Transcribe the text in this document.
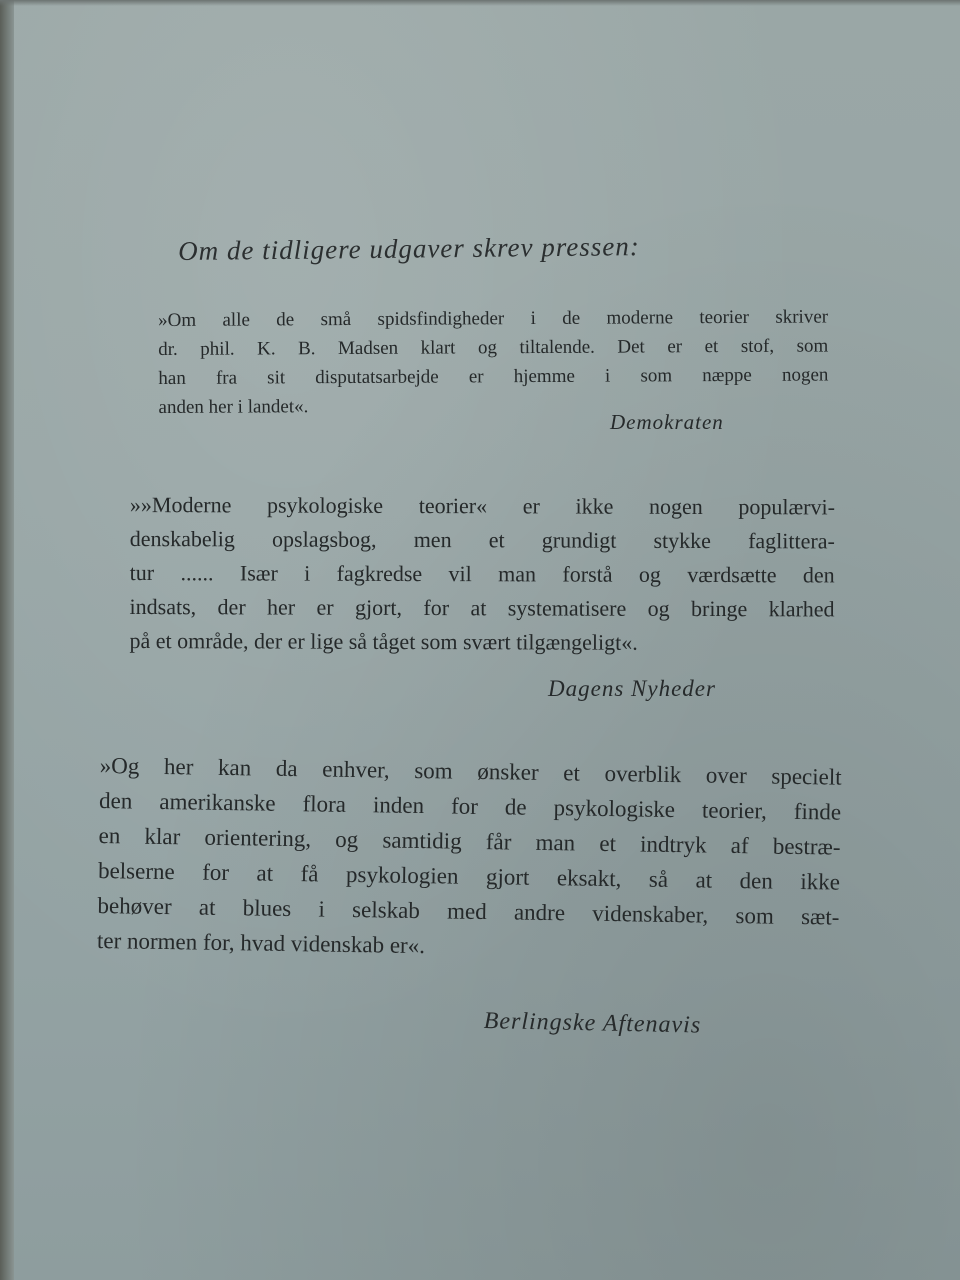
Om de tidligere udgaver skrev pressen:
»Om alle de små spidsfindigheder i de moderne teorier skriver
dr. phil. K. B. Madsen klart og tiltalende. Det er et stof, som
han fra sit disputatsarbejde er hjemme i som næppe nogen
anden her i landet«.
Demokraten
»»Moderne psykologiske teorier« er ikke nogen populærvi-
denskabelig opslagsbog, men et grundigt stykke faglittera-
tur ...... Især i fagkredse vil man forstå og værdsætte den
indsats, der her er gjort, for at systematisere og bringe klarhed
på et område, der er lige så tåget som svært tilgængeligt«.
Dagens Nyheder
»Og her kan da enhver, som ønsker et overblik over specielt
den amerikanske flora inden for de psykologiske teorier, finde
en klar orientering, og samtidig får man et indtryk af bestræ-
belserne for at få psykologien gjort eksakt, så at den ikke
behøver at blues i selskab med andre videnskaber, som sæt-
ter normen for, hvad videnskab er«.
Berlingske Aftenavis
